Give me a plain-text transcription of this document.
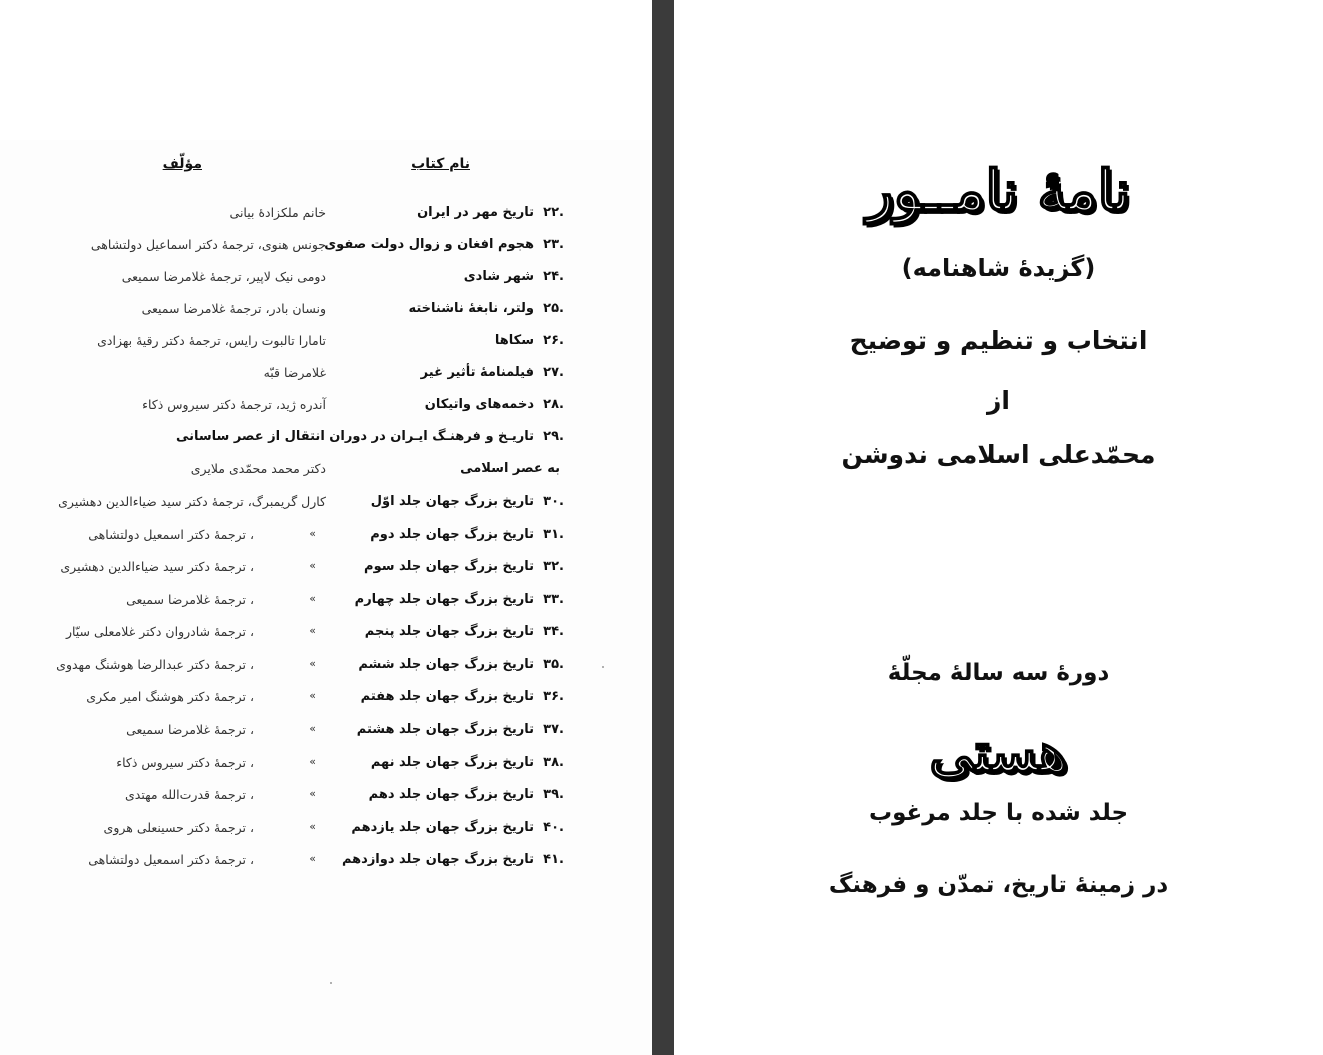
نام کتاب
مؤلّف
.۲۲
تاریخ مهر در ایران
خانم ملکزادهٔ بیانی
.۲۳
هجوم افغان و زوال دولت صفوی
جونس هنوی، ترجمهٔ دکتر اسماعیل دولتشاهی
.۲۴
شهر شادی
دومی نیک لاپیر، ترجمهٔ غلامرضا سمیعی
.۲۵
ولتر، نابغهٔ ناشناخته
ونسان بادر، ترجمهٔ غلامرضا سمیعی
.۲۶
سکاها
تامارا تالبوت رایس، ترجمهٔ دکتر رقیهٔ بهزادی
.۲۷
فیلمنامهٔ تأثیر غیر
غلامرضا قبّه
.۲۸
دخمه‌های واتیکان
آندره ژید، ترجمهٔ دکتر سیروس ذکاء
.۲۹
تاریـخ و فرهنـگ ایـران در دوران انتقال از عصر ساسانی
به عصر اسلامی
دکتر محمد محمّدی ملایری
.۳۰
تاریخ بزرگ جهان جلد اوّل
کارل گریمبرگ، ترجمهٔ دکتر سید ضیاءالدین دهشیری
.۳۱
تاریخ بزرگ جهان جلد دوم
»
، ترجمهٔ دکتر اسمعیل دولتشاهی
.۳۲
تاریخ بزرگ جهان جلد سوم
»
، ترجمهٔ دکتر سید ضیاءالدین دهشیری
.۳۳
تاریخ بزرگ جهان جلد چهارم
»
، ترجمهٔ غلامرضا سمیعی
.۳۴
تاریخ بزرگ جهان جلد پنجم
»
، ترجمهٔ شادروان دکتر غلامعلی سیّار
.۳۵
تاریخ بزرگ جهان جلد ششم
»
، ترجمهٔ دکتر عبدالرضا هوشنگ مهدوی
.۳۶
تاریخ بزرگ جهان جلد هفتم
»
، ترجمهٔ دکتر هوشنگ امیر مکری
.۳۷
تاریخ بزرگ جهان جلد هشتم
»
، ترجمهٔ غلامرضا سمیعی
.۳۸
تاریخ بزرگ جهان جلد نهم
»
، ترجمهٔ دکتر سیروس ذکاء
.۳۹
تاریخ بزرگ جهان جلد دهم
»
، ترجمهٔ قدرت‌الله مهتدی
.۴۰
تاریخ بزرگ جهان جلد یازدهم
»
، ترجمهٔ دکتر حسینعلی هروی
.۴۱
تاریخ بزرگ جهان جلد دوازدهم
»
، ترجمهٔ دکتر اسمعیل دولتشاهی
نامهٔ نامــور
(گزیدهٔ شاهنامه)
انتخاب و تنظیم و توضیح
از
محمّدعلی اسلامی ندوشن
دورهٔ سه سالهٔ مجلّهٔ
هستی
جلد شده با جلد مرغوب
در زمینهٔ تاریخ، تمدّن و فرهنگ
